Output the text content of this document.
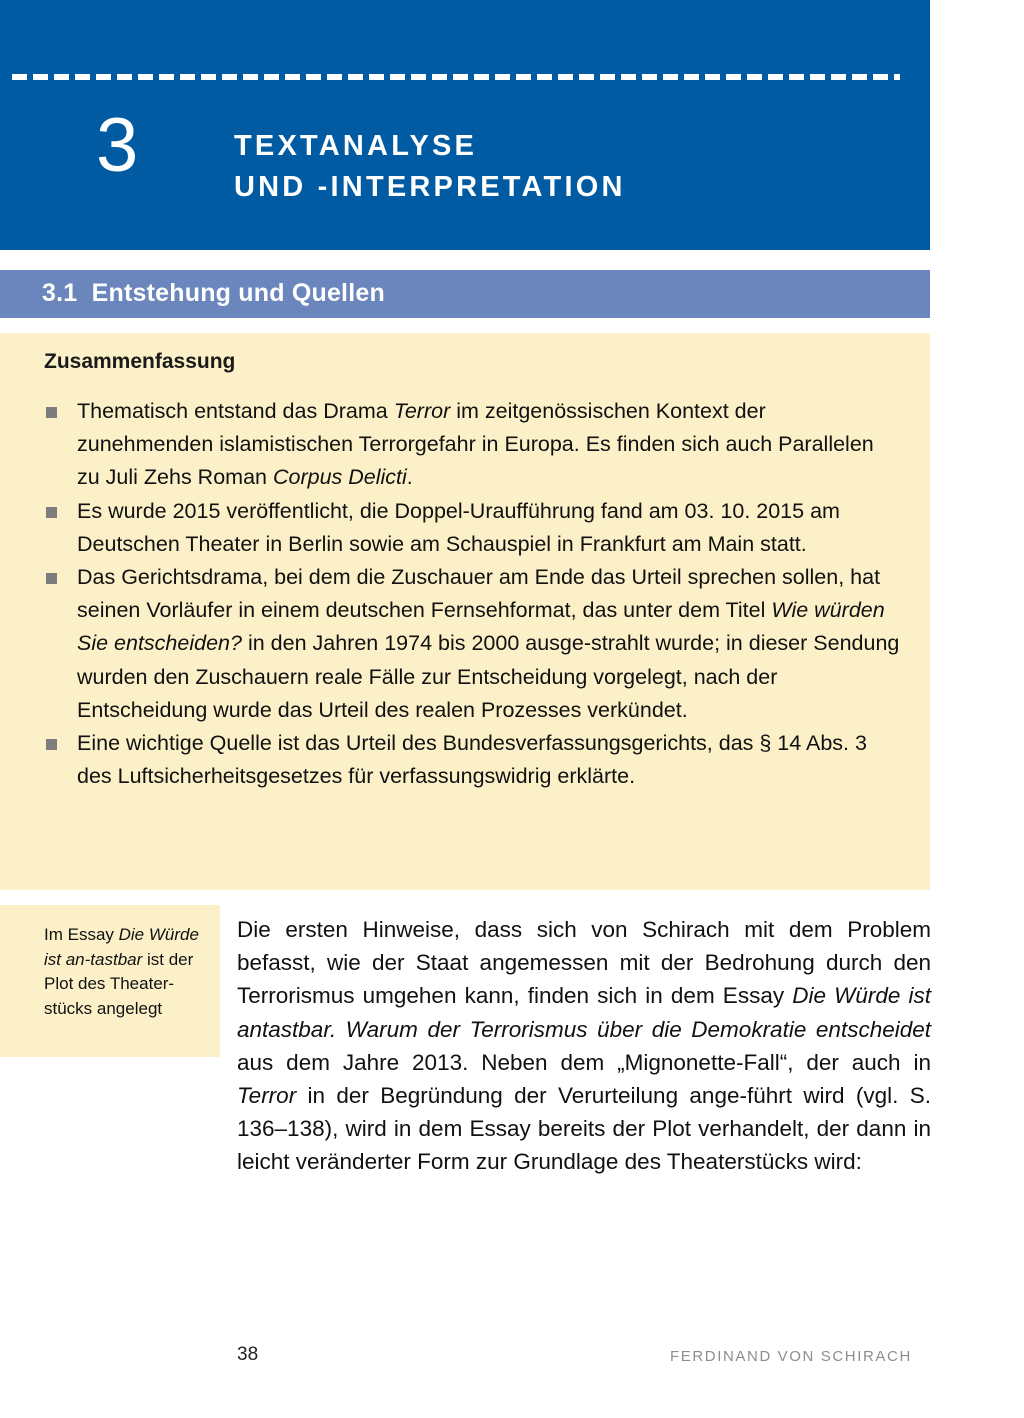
3	TEXTANALYSE
UND -INTERPRETATION
3.1  Entstehung und Quellen
Zusammenfassung
Thematisch entstand das Drama Terror im zeitgenössischen Kontext der zunehmenden islamistischen Terrorgefahr in Europa. Es finden sich auch Parallelen zu Juli Zehs Roman Corpus Delicti.
Es wurde 2015 veröffentlicht, die Doppel-Uraufführung fand am 03. 10. 2015 am Deutschen Theater in Berlin sowie am Schauspiel in Frankfurt am Main statt.
Das Gerichtsdrama, bei dem die Zuschauer am Ende das Urteil sprechen sollen, hat seinen Vorläufer in einem deutschen Fernsehformat, das unter dem Titel Wie würden Sie entscheiden? in den Jahren 1974 bis 2000 ausge-strahlt wurde; in dieser Sendung wurden den Zuschauern reale Fälle zur Entscheidung vorgelegt, nach der Entscheidung wurde das Urteil des realen Prozesses verkündet.
Eine wichtige Quelle ist das Urteil des Bundesverfassungsgerichts, das § 14 Abs. 3 des Luftsicherheitsgesetzes für verfassungswidrig erklärte.
Im Essay Die Würde ist an-tastbar ist der Plot des Theater-stücks angelegt
Die ersten Hinweise, dass sich von Schirach mit dem Problem befasst, wie der Staat angemessen mit der Bedrohung durch den Terrorismus umgehen kann, finden sich in dem Essay Die Würde ist antastbar. Warum der Terrorismus über die Demokratie entscheidet aus dem Jahre 2013. Neben dem „Mignonette-Fall“, der auch in Terror in der Begründung der Verurteilung ange-führt wird (vgl. S. 136–138), wird in dem Essay bereits der Plot verhandelt, der dann in leicht veränderter Form zur Grundlage des Theaterstücks wird:
38	FERDINAND VON SCHIRACH
